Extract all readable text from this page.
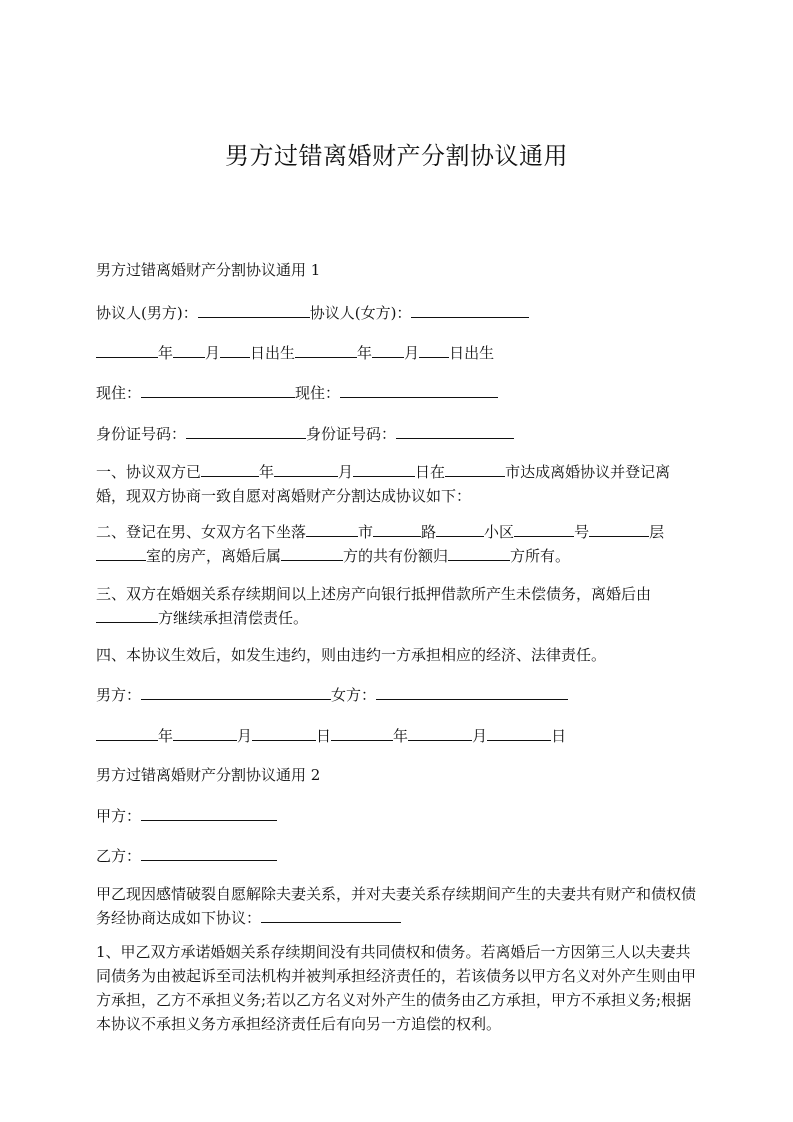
男方过错离婚财产分割协议通用
男方过错离婚财产分割协议通用 1
协议人(男方)：	协议人(女方)：
年 月 日出生	年 月 日出生
现住：	现住：
身份证号码：	身份证号码：
一、协议双方已	年	月	日在	市达成离婚协议并登记离婚，现双方协商一致自愿对离婚财产分割达成协议如下：
二、登记在男、女双方名下坐落	市	路	小区	号	层室的房产，离婚后属	方的共有份额归	方所有。
三、双方在婚姻关系存续期间以上述房产向银行抵押借款所产生未偿债务，离婚后由方继续承担清偿责任。
四、本协议生效后，如发生违约，则由违约一方承担相应的经济、法律责任。
男方：	女方：
年	月	日	年	月	日
男方过错离婚财产分割协议通用 2
甲方：
乙方：
甲乙现因感情破裂自愿解除夫妻关系，并对夫妻关系存续期间产生的夫妻共有财产和债权债务经协商达成如下协议：
1、甲乙双方承诺婚姻关系存续期间没有共同债权和债务。若离婚后一方因第三人以夫妻共同债务为由被起诉至司法机构并被判承担经济责任的，若该债务以甲方名义对外产生则由甲方承担，乙方不承担义务;若以乙方名义对外产生的债务由乙方承担，甲方不承担义务;根据本协议不承担义务方承担经济责任后有向另一方追偿的权利。
